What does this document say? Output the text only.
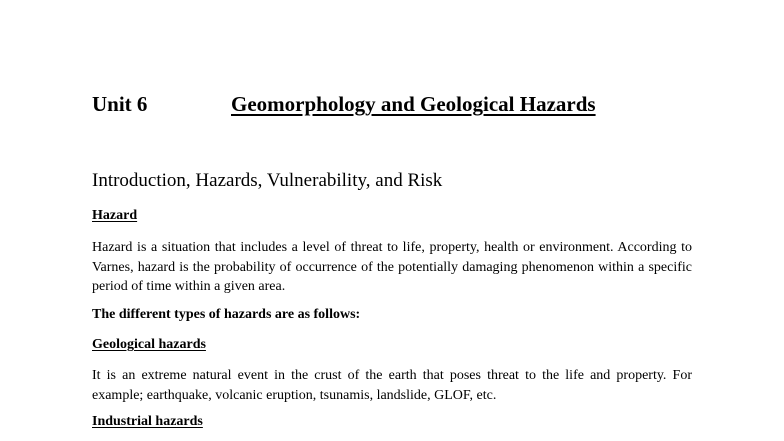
Unit 6	Geomorphology and Geological Hazards
Introduction, Hazards, Vulnerability, and Risk
Hazard
Hazard is a situation that includes a level of threat to life, property, health or environment. According to Varnes, hazard is the probability of occurrence of the potentially damaging phenomenon within a specific period of time within a given area.
The different types of hazards are as follows:
Geological hazards
It is an extreme natural event in the crust of the earth that poses threat to the life and property. For example; earthquake, volcanic eruption, tsunamis, landslide, GLOF, etc.
Industrial hazards
